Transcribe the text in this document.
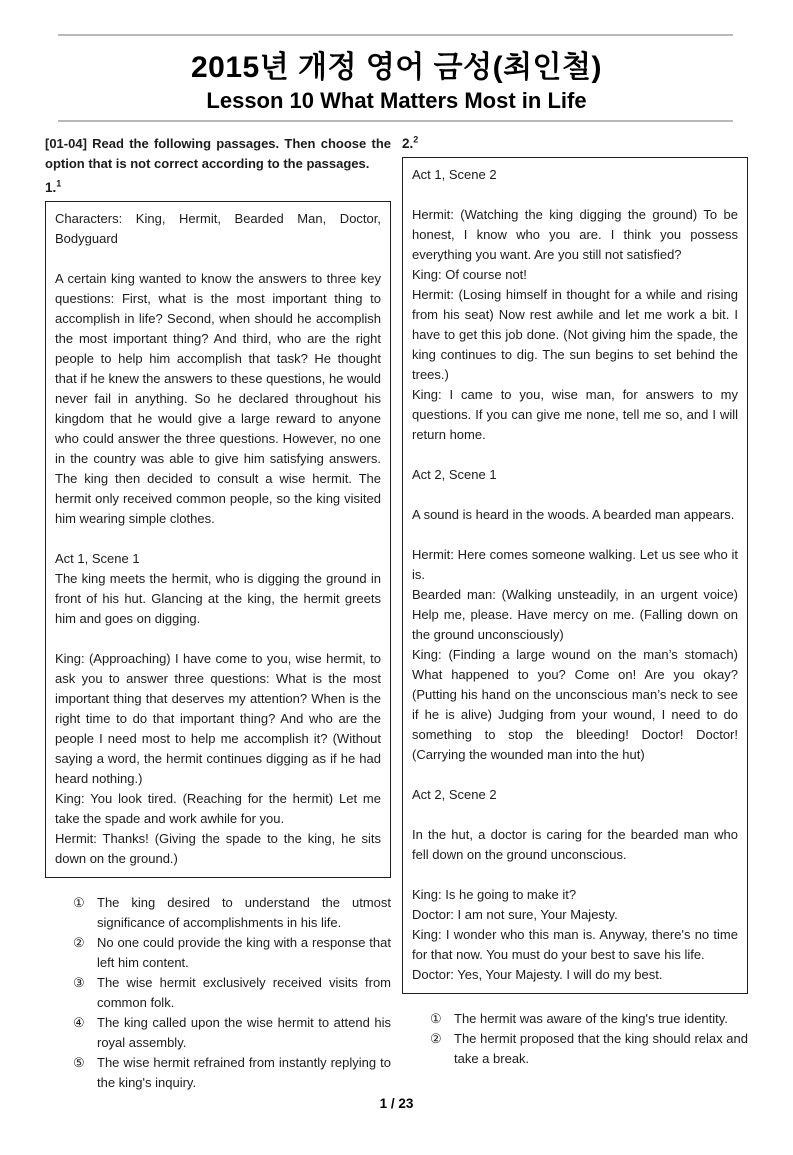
2015년 개정 영어 금성(최인철)
Lesson 10 What Matters Most in Life

[01-04] Read the following passages. Then choose the option that is not correct according to the passages.

1.$^1$

Characters: King, Hermit, Bearded Man, Doctor, Bodyguard

A certain king wanted to know the answers to three key questions: First, what is the most important thing to accomplish in life? Second, when should he accomplish the most important thing? And third, who are the right people to help him accomplish that task? He thought that if he knew the answers to these questions, he would never fail in anything. So he declared throughout his kingdom that he would give a large reward to anyone who could answer the three questions. However, no one in the country was able to give him satisfying answers. The king then decided to consult a wise hermit. The hermit only received common people, so the king visited him wearing simple clothes.

Act 1, Scene 1

The king meets the hermit, who is digging the ground in front of his hut. Glancing at the king, the hermit greets him and goes on digging.

King: (Approaching) I have come to you, wise hermit, to ask you to answer three questions: What is the most important thing that deserves my attention? When is the right time to do that important thing? And who are the people I need most to help me accomplish it? (Without saying a word, the hermit continues digging as if he had heard nothing.)

King: You look tired. (Reaching for the hermit) Let me take the spade and work awhile for you.

Hermit: Thanks! (Giving the spade to the king, he sits down on the ground.)

① The king desired to understand the utmost significance of accomplishments in his life.
② No one could provide the king with a response that left him content.
③ The wise hermit exclusively received visits from common folk.
④ The king called upon the wise hermit to attend his royal assembly.
⑤ The wise hermit refrained from instantly replying to the king's inquiry.
2.$^2$

Act 1, Scene 2

Hermit: (Watching the king digging the ground) To be honest, I know who you are. I think you possess everything you want. Are you still not satisfied?

King: Of course not!

Hermit: (Losing himself in thought for a while and rising from his seat) Now rest awhile and let me work a bit. I have to get this job done. (Not giving him the spade, the king continues to dig. The sun begins to set behind the trees.)

King: I came to you, wise man, for answers to my questions. If you can give me none, tell me so, and I will return home.

Act 2, Scene 1

A sound is heard in the woods. A bearded man appears.

Hermit: Here comes someone walking. Let us see who it is.

Bearded man: (Walking unsteadily, in an urgent voice) Help me, please. Have mercy on me. (Falling down on the ground unconsciously)

King: (Finding a large wound on the man’s stomach) What happened to you? Come on! Are you okay? (Putting his hand on the unconscious man’s neck to see if he is alive) Judging from your wound, I need to do something to stop the bleeding! Doctor! Doctor! (Carrying the wounded man into the hut)

Act 2, Scene 2

In the hut, a doctor is caring for the bearded man who fell down on the ground unconscious.

King: Is he going to make it?

Doctor: I am not sure, Your Majesty.

King: I wonder who this man is. Anyway, there's no time for that now. You must do your best to save his life.

Doctor: Yes, Your Majesty. I will do my best.

① The hermit was aware of the king's true identity.
② The hermit proposed that the king should relax and take a break.
1 / 23
